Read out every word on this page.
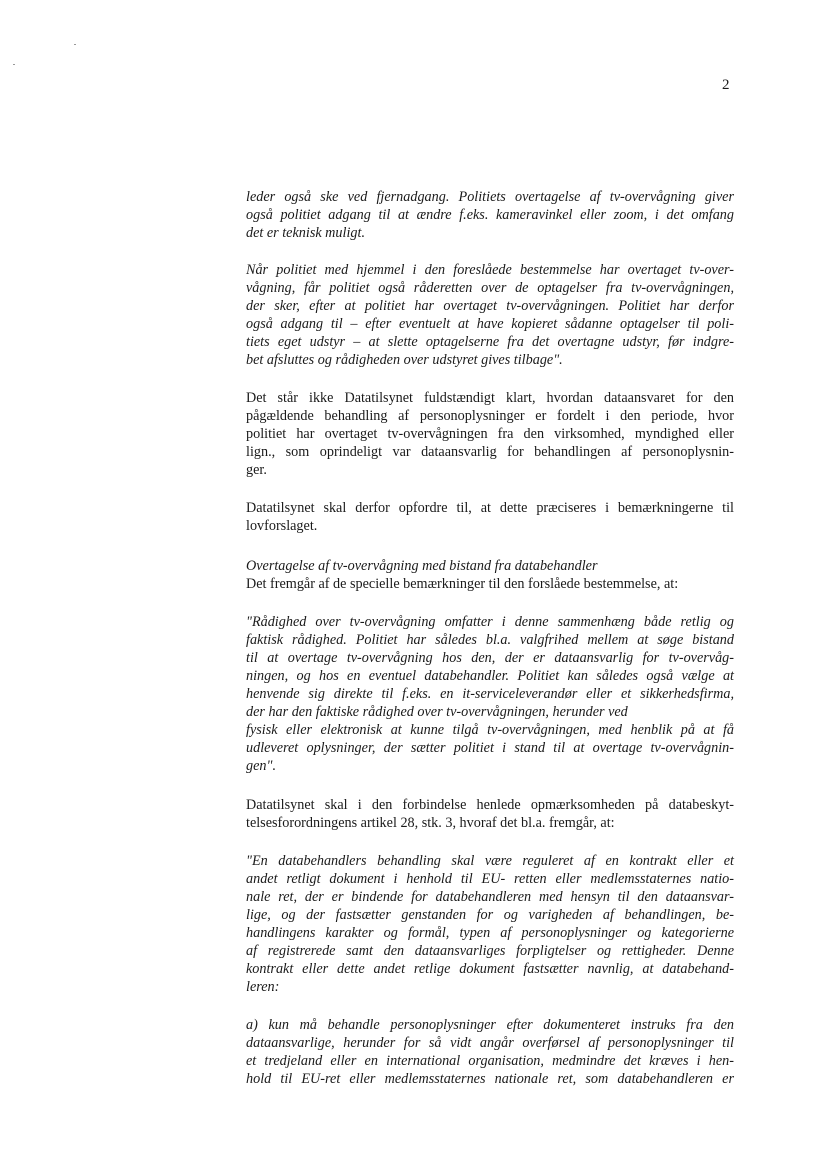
2

leder også ske ved fjernadgang. Politiets overtagelse af tv-overvågning giver
også politiet adgang til at ændre f.eks. kameravinkel eller zoom, i det omfang
det er teknisk muligt.

Når politiet med hjemmel i den foreslåede bestemmelse har overtaget tv-over-
vågning, får politiet også råderetten over de optagelser fra tv-overvågningen,
der sker, efter at politiet har overtaget tv-overvågningen. Politiet har derfor
også adgang til – efter eventuelt at have kopieret sådanne optagelser til poli-
tiets eget udstyr – at slette optagelserne fra det overtagne udstyr, før indgre-
bet afsluttes og rådigheden over udstyret gives tilbage".

Det står ikke Datatilsynet fuldstændigt klart, hvordan dataansvaret for den
pågældende behandling af personoplysninger er fordelt i den periode, hvor
politiet har overtaget tv-overvågningen fra den virksomhed, myndighed eller
lign., som oprindeligt var dataansvarlig for behandlingen af personoplysnin-
ger.

Datatilsynet skal derfor opfordre til, at dette præciseres i bemærkningerne til
lovforslaget.

Overtagelse af tv-overvågning med bistand fra databehandler
Det fremgår af de specielle bemærkninger til den forslåede bestemmelse, at:

"Rådighed over tv-overvågning omfatter i denne sammenhæng både retlig og
faktisk rådighed. Politiet har således bl.a. valgfrihed mellem at søge bistand
til at overtage tv-overvågning hos den, der er dataansvarlig for tv-overvåg-
ningen, og hos en eventuel databehandler. Politiet kan således også vælge at
henvende sig direkte til f.eks. en it-serviceleverandør eller et sikkerhedsfirma,
der har den faktiske rådighed over tv-overvågningen, herunder ved
fysisk eller elektronisk at kunne tilgå tv-overvågningen, med henblik på at få
udleveret oplysninger, der sætter politiet i stand til at overtage tv-overvågnin-
gen".

Datatilsynet skal i den forbindelse henlede opmærksomheden på databeskyt-
telsesforordningens artikel 28, stk. 3, hvoraf det bl.a. fremgår, at:

"En databehandlers behandling skal være reguleret af en kontrakt eller et
andet retligt dokument i henhold til EU- retten eller medlemsstaternes natio-
nale ret, der er bindende for databehandleren med hensyn til den dataansvar-
lige, og der fastsætter genstanden for og varigheden af behandlingen, be-
handlingens karakter og formål, typen af personoplysninger og kategorierne
af registrerede samt den dataansvarliges forpligtelser og rettigheder. Denne
kontrakt eller dette andet retlige dokument fastsætter navnlig, at databehand-
leren:

a) kun må behandle personoplysninger efter dokumenteret instruks fra den
dataansvarlige, herunder for så vidt angår overførsel af personoplysninger til
et tredjeland eller en international organisation, medmindre det kræves i hen-
hold til EU-ret eller medlemsstaternes nationale ret, som databehandleren er
